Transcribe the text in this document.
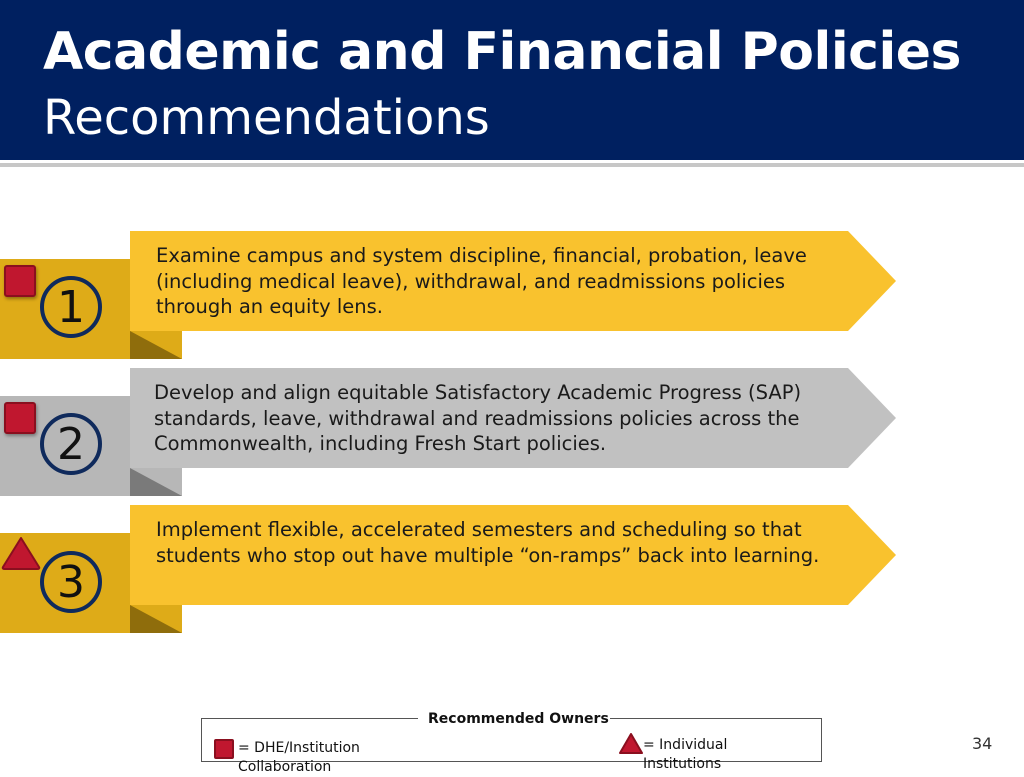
Academic and Financial Policies
Recommendations
Examine campus and system discipline, financial, probation, leave (including medical leave), withdrawal, and readmissions policies through an equity lens.
1
Develop and align equitable Satisfactory Academic Progress (SAP) standards, leave, withdrawal and readmissions policies across the Commonwealth, including Fresh Start policies.
2
Implement flexible, accelerated semesters and scheduling so that students who stop out have multiple “on-ramps” back into learning.
3
Recommended Owners
= DHE/Institution Collaboration
= Individual Institutions
34
